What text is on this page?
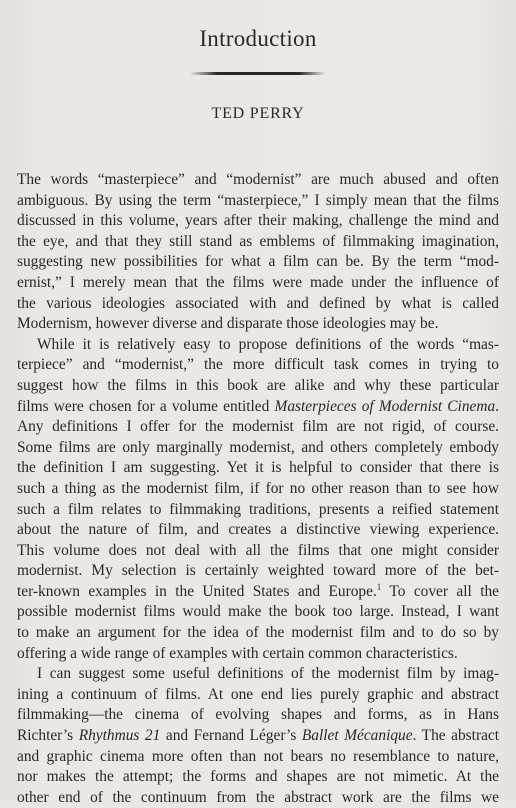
Introduction
TED PERRY
The words “masterpiece” and “modernist” are much abused and often
ambiguous. By using the term “masterpiece,” I simply mean that the films
discussed in this volume, years after their making, challenge the mind and
the eye, and that they still stand as emblems of filmmaking imagination,
suggesting new possibilities for what a film can be. By the term “mod-
ernist,” I merely mean that the films were made under the influence of
the various ideologies associated with and defined by what is called
Modernism, however diverse and disparate those ideologies may be.
While it is relatively easy to propose definitions of the words “mas-
terpiece” and “modernist,” the more difficult task comes in trying to
suggest how the films in this book are alike and why these particular
films were chosen for a volume entitled Masterpieces of Modernist Cinema.
Any definitions I offer for the modernist film are not rigid, of course.
Some films are only marginally modernist, and others completely embody
the definition I am suggesting. Yet it is helpful to consider that there is
such a thing as the modernist film, if for no other reason than to see how
such a film relates to filmmaking traditions, presents a reified statement
about the nature of film, and creates a distinctive viewing experience.
This volume does not deal with all the films that one might consider
modernist. My selection is certainly weighted toward more of the bet-
ter-known examples in the United States and Europe.$^1$ To cover all the
possible modernist films would make the book too large. Instead, I want
to make an argument for the idea of the modernist film and to do so by
offering a wide range of examples with certain common characteristics.
I can suggest some useful definitions of the modernist film by imag-
ining a continuum of films. At one end lies purely graphic and abstract
filmmaking—the cinema of evolving shapes and forms, as in Hans
Richter’s Rhythmus 21 and Fernand Léger’s Ballet Mécanique. The abstract
and graphic cinema more often than not bears no resemblance to nature,
nor makes the attempt; the forms and shapes are not mimetic. At the
other end of the continuum from the abstract work are the films we
